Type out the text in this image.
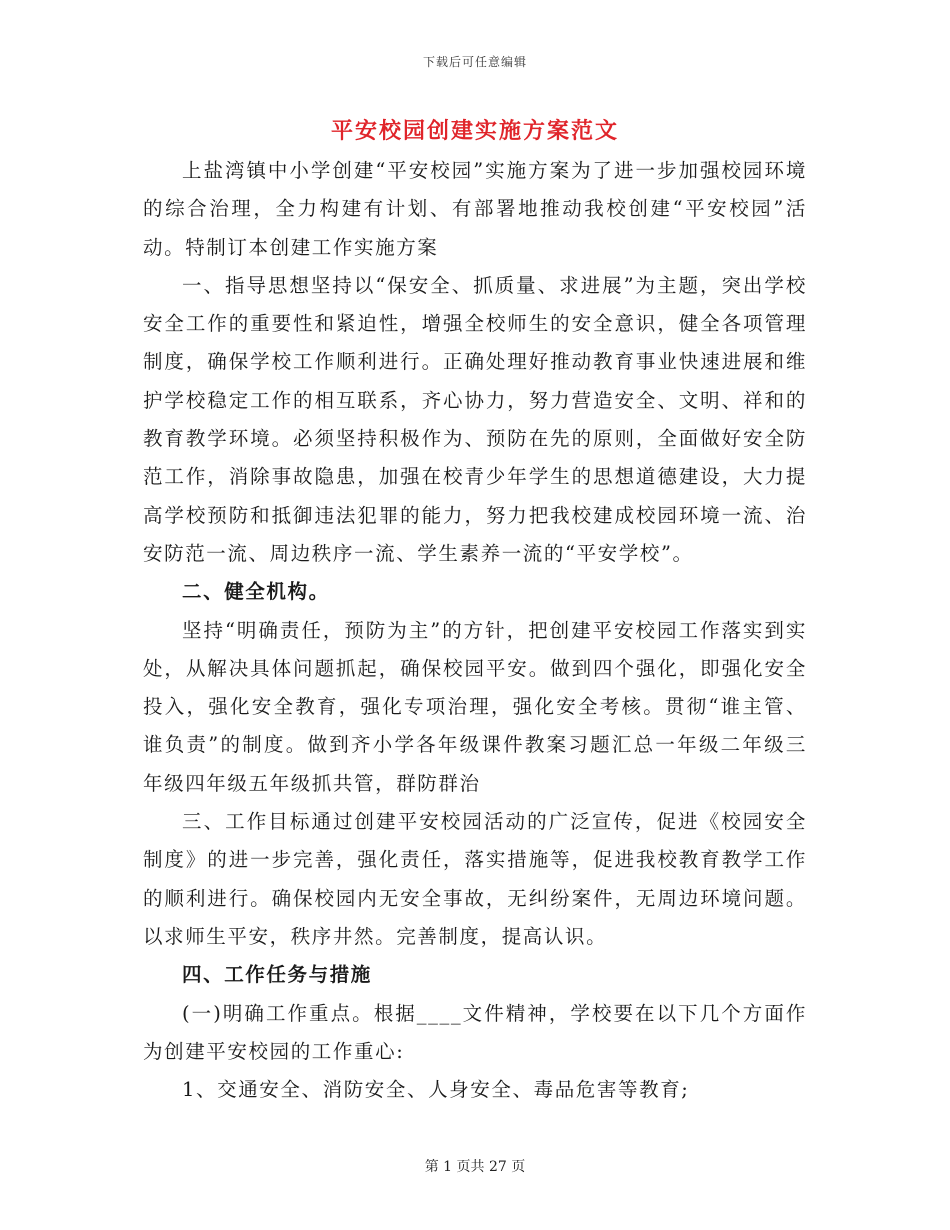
下载后可任意编辑
平安校园创建实施方案范文

上盐湾镇中小学创建“平安校园”实施方案为了进一步加强校园环境的综合治理，全力构建有计划、有部署地推动我校创建“平安校园”活动。特制订本创建工作实施方案

一、指导思想坚持以“保安全、抓质量、求进展”为主题，突出学校安全工作的重要性和紧迫性，增强全校师生的安全意识，健全各项管理制度，确保学校工作顺利进行。正确处理好推动教育事业快速进展和维护学校稳定工作的相互联系，齐心协力，努力营造安全、文明、祥和的教育教学环境。必须坚持积极作为、预防在先的原则，全面做好安全防范工作，消除事故隐患，加强在校青少年学生的思想道德建设，大力提高学校预防和抵御违法犯罪的能力，努力把我校建成校园环境一流、治安防范一流、周边秩序一流、学生素养一流的“平安学校”。

二、健全机构。

坚持“明确责任，预防为主”的方针，把创建平安校园工作落实到实处，从解决具体问题抓起，确保校园平安。做到四个强化，即强化安全投入，强化安全教育，强化专项治理，强化安全考核。贯彻“谁主管、谁负责”的制度。做到齐小学各年级课件教案习题汇总一年级二年级三年级四年级五年级抓共管，群防群治

三、工作目标通过创建平安校园活动的广泛宣传，促进《校园安全制度》的进一步完善，强化责任，落实措施等，促进我校教育教学工作的顺利进行。确保校园内无安全事故，无纠纷案件，无周边环境问题。以求师生平安，秩序井然。完善制度，提高认识。

四、工作任务与措施

(一)明确工作重点。根据____文件精神，学校要在以下几个方面作为创建平安校园的工作重心:

1、交通安全、消防安全、人身安全、毒品危害等教育;

第 1 页共 27 页
